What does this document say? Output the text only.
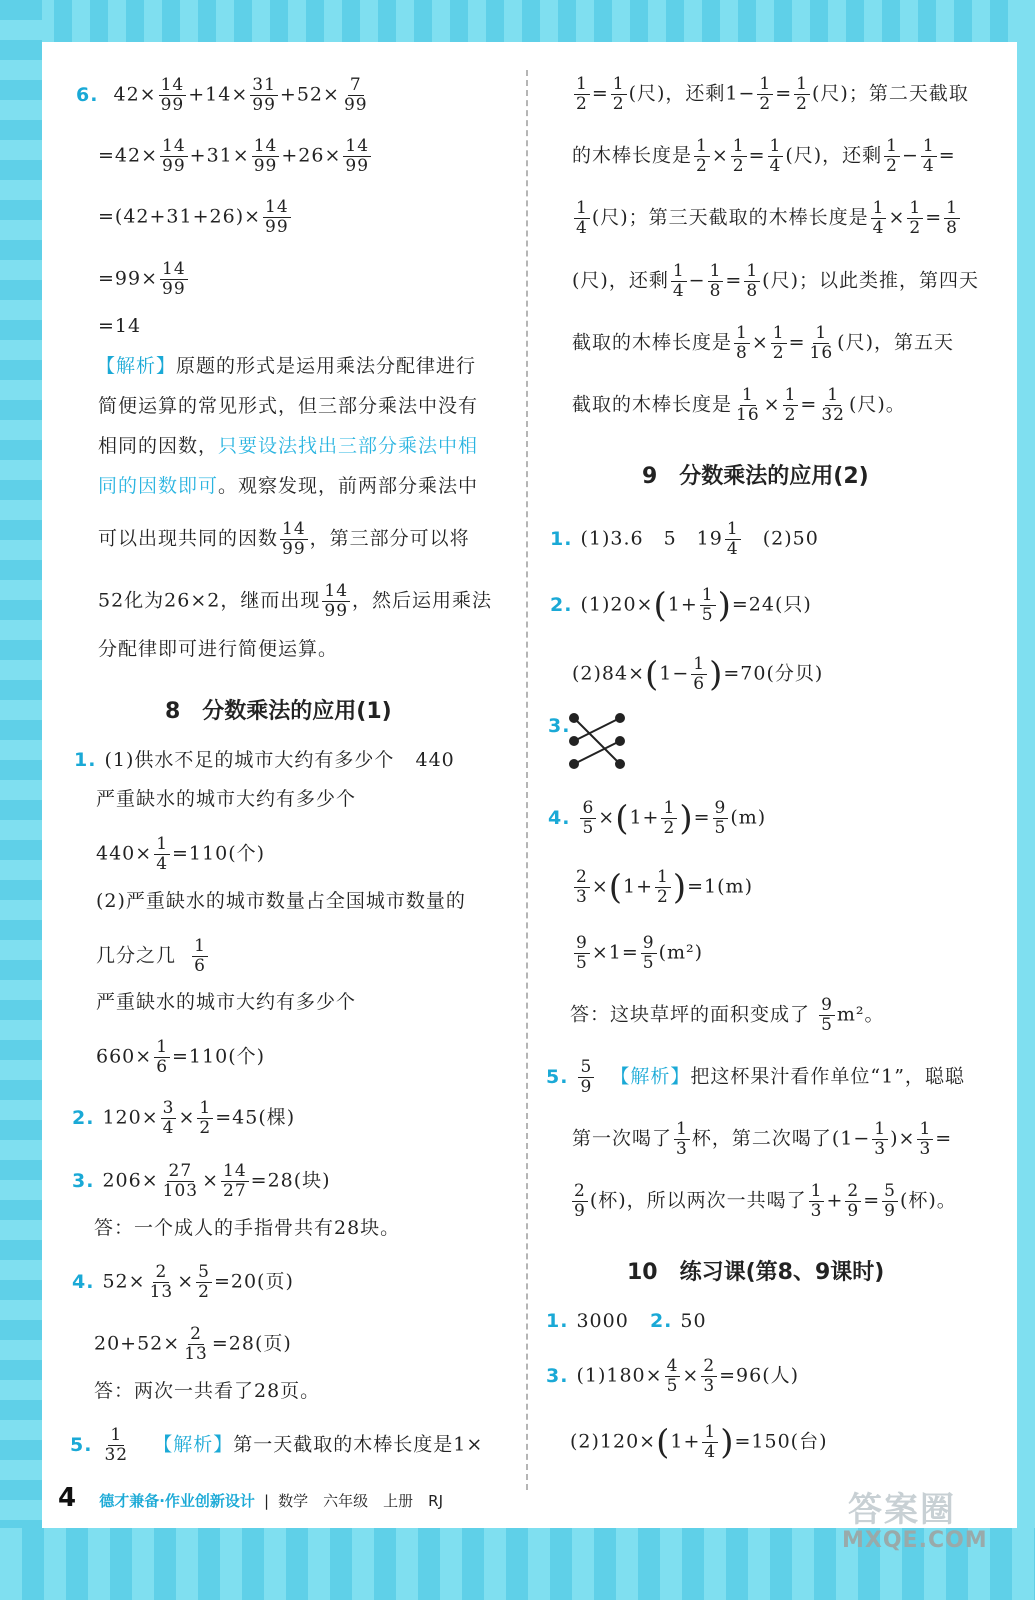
6. $42\times \frac{14}{99} +14\times \frac{31}{99} +52\times \frac{7}{99}$
$=42\times \frac{14}{99} +31\times \frac{14}{99} +26\times \frac{14}{99}$
$=(42+31+26)\times \frac{14}{99}$
$=99\times \frac{14}{99}$
=14
【解析】原题的形式是运用乘法分配律进行
简便运算的常见形式，但三部分乘法中没有
相同的因数，只要设法找出三部分乘法中相
同的因数即可。观察发现，前两部分乘法中
可以出现共同的因数 $\frac{14}{99}$ ，第三部分可以将
52化为26×2，继而出现 $\frac{14}{99}$ ，然后运用乘法
分配律即可进行简便运算。
8　分数乘法的应用(1)
1. (1)供水不足的城市大约有多少个 440
严重缺水的城市大约有多少个
$440\times \frac{1}{4} =110$(个)
(2)严重缺水的城市数量占全国城市数量的
几分之几 $\frac{1}{6}$
严重缺水的城市大约有多少个
$660\times \frac{1}{6} =110$(个)
2. $120\times \frac{3}{4} \times \frac{1}{2} =45$(棵)
3. $206\times \frac{27}{103} \times \frac{14}{27} =28$(块)
答：一个成人的手指骨共有28块。
4. $52\times \frac{2}{13} \times \frac{5}{2} =20$(页)
$20+52\times \frac{2}{13} =28$(页)
答：两次一共看了28页。
5. $\frac{1}{32}$ 【解析】第一天截取的木棒长度是1×
$\frac{1}{2} = \frac{1}{2}$ (尺)，还剩$1- \frac{1}{2} = \frac{1}{2}$ (尺)；第二天截取
的木棒长度是 $\frac{1}{2} \times \frac{1}{2} = \frac{1}{4}$ (尺)，还剩 $\frac{1}{2} - \frac{1}{4}$ =
$\frac{1}{4}$ (尺)；第三天截取的木棒长度是 $\frac{1}{4} \times \frac{1}{2} = \frac{1}{8}$
(尺)，还剩 $\frac{1}{4} - \frac{1}{8} = \frac{1}{8}$ (尺)；以此类推，第四天
截取的木棒长度是 $\frac{1}{8} \times \frac{1}{2} = \frac{1}{16}$ (尺)，第五天
截取的木棒长度是 $\frac{1}{16} \times \frac{1}{2} = \frac{1}{32}$ (尺)。
9　分数乘法的应用(2)
1. (1)3.6　5　$19 \frac{1}{4}$ 　(2)50
2. $(1)20\times(1+ \frac{1}{5} )=24$(只)
$(2)84\times(1- \frac{1}{6} )=70$(分贝)
3.
4. $\frac{6}{5} \times(1+ \frac{1}{2}$ )= $\frac{9}{5} (m)$
$\frac{2}{3} \times(1+ \frac{1}{2} )=1(m)$
$\frac{9}{5} \times 1= \frac{9}{5} (m^2)$
答：这块草坪的面积变成了 $\frac{9}{5} m^2$。
5. $\frac{5}{9}$ 【解析】把这杯果汁看作单位“1”，聪聪
第一次喝了 $\frac{1}{3}$ 杯，第二次喝了($1- \frac{1}{3}$ )× $\frac{1}{3}$ =
$\frac{2}{9}$ (杯)，所以两次一共喝了 $\frac{1}{3} + \frac{2}{9} = \frac{5}{9}$ (杯)。
10　练习课(第8、9课时)
1. 3000 2. 50
3. $(1)180\times \frac{4}{5} \times \frac{2}{3} =96$(人)
$(2)120\times(1+ \frac{1}{4} )=150$(台)
4 德才兼备·作业创新设计 | 数学　六年级　上册　RJ	答案圈
MXQE.COM
